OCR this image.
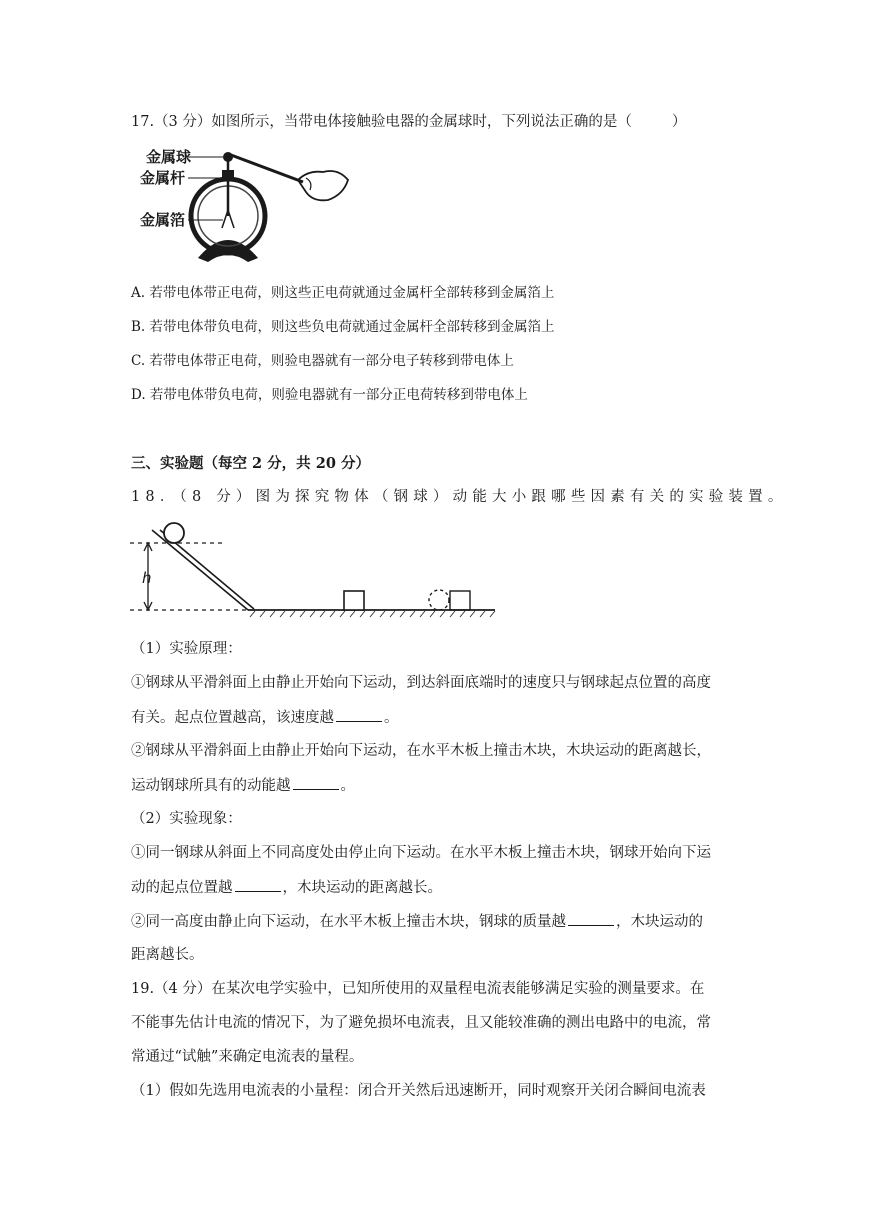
17.（3 分）如图所示，当带电体接触验电器的金属球时，下列说法正确的是（	）
金属球
金属杆
金属箔
A. 若带电体带正电荷，则这些正电荷就通过金属杆全部转移到金属箔上
B. 若带电体带负电荷，则这些负电荷就通过金属杆全部转移到金属箔上
C. 若带电体带正电荷，则验电器就有一部分电子转移到带电体上
D. 若带电体带负电荷，则验电器就有一部分正电荷转移到带电体上
三、实验题（每空 2 分，共 20 分）
18．（8 分）图为探究物体（钢球）动能大小跟哪些因素有关的实验装置。
h
（1）实验原理：
①钢球从平滑斜面上由静止开始向下运动，到达斜面底端时的速度只与钢球起点位置的高度
有关。起点位置越高，该速度越	。
②钢球从平滑斜面上由静止开始向下运动，在水平木板上撞击木块，木块运动的距离越长，
运动钢球所具有的动能越	。
（2）实验现象：
①同一钢球从斜面上不同高度处由停止向下运动。在水平木板上撞击木块，钢球开始向下运
动的起点位置越	，木块运动的距离越长。
②同一高度由静止向下运动，在水平木板上撞击木块，钢球的质量越	，木块运动的
距离越长。
19.（4 分）在某次电学实验中，已知所使用的双量程电流表能够满足实验的测量要求。在
不能事先估计电流的情况下，为了避免损坏电流表，且又能较准确的测出电路中的电流，常
常通过“试触”来确定电流表的量程。
（1）假如先选用电流表的小量程：闭合开关然后迅速断开，同时观察开关闭合瞬间电流表
